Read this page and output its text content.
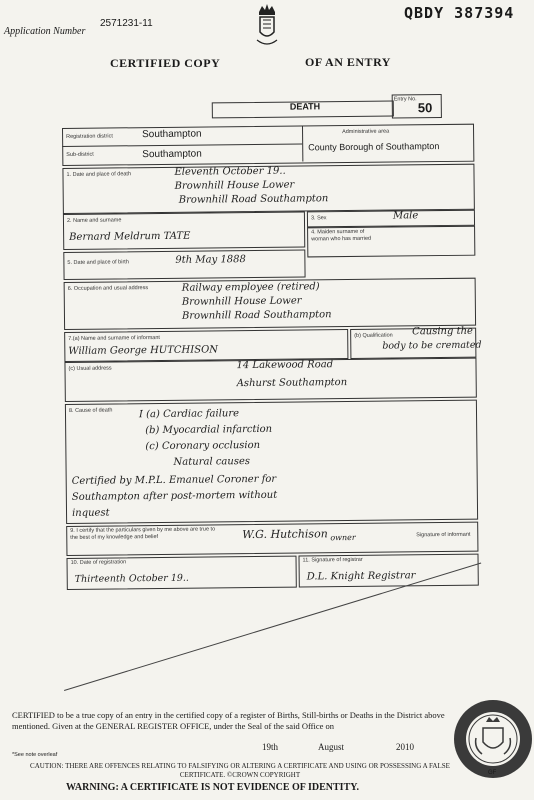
Application Number
2571231-11
QBDY 387394
CERTIFIED COPY	OF AN ENTRY
DEATH
Entry No.
50
Registration district	Southampton
Sub-district	Southampton
Administrative area
County Borough of Southampton
1. Date and place of death	Eleventh October 19..
Brownhill House Lower
Brownhill Road Southampton
2. Name and surname
Bernard Meldrum TATE
3. Sex	Male
4. Maiden surname of woman who has married
5. Date and place of birth	9th May 1888
6. Occupation and usual address	Railway employee (retired)
Brownhill House Lower
Brownhill Road Southampton
7.(a) Name and surname of informant
William George HUTCHISON
(b) Qualification Causing the
body to be cremated
(c) Usual address	14 Lakewood Road
Ashurst Southampton
8. Cause of death	I (a) Cardiac failure
(b) Myocardial infarction
(c) Coronary occlusion
Natural causes
Certified by M.P.L. Emanuel Coroner for
Southampton after post-mortem without
inquest
9. I certify that the particulars given by me above are true to the best of my knowledge and belief	W.G. Hutchison owner	Signature of informant
10. Date of registration
Thirteenth October 19..
11. Signature of registrar
D.L. Knight Registrar
CERTIFIED to be a true copy of an entry in the certified copy of a register of Births, Still-births or Deaths in the District above mentioned. Given at the GENERAL REGISTER OFFICE, under the Seal of the said Office on
19th	August	2010
*See note overleaf
CAUTION: THERE ARE OFFENCES RELATING TO FALSIFYING OR ALTERING A CERTIFICATE AND USING OR POSSESSING A FALSE CERTIFICATE. ©CROWN COPYRIGHT
WARNING: A CERTIFICATE IS NOT EVIDENCE OF IDENTITY.
GF
